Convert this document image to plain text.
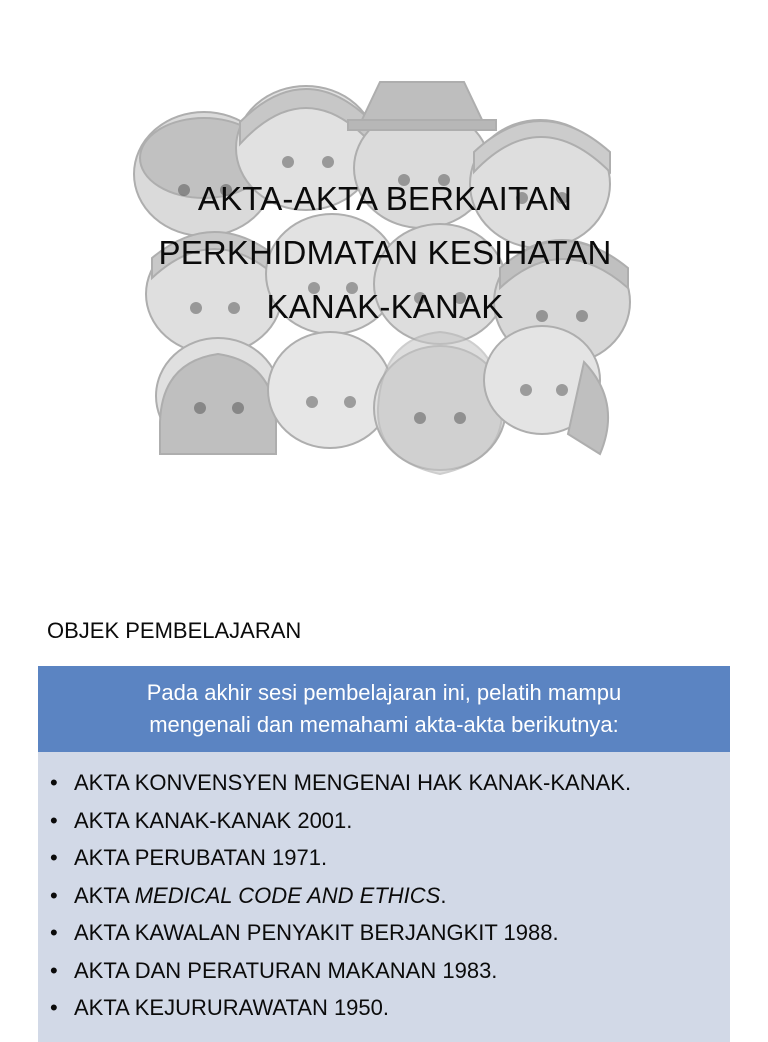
AKTA-AKTA BERKAITAN
PERKHIDMATAN KESIHATAN
KANAK-KANAK
OBJEK PEMBELAJARAN
Pada akhir sesi pembelajaran ini, pelatih mampu
mengenali dan memahami akta-akta berikutnya:
• AKTA KONVENSYEN MENGENAI HAK KANAK-KANAK.
• AKTA KANAK-KANAK 2001.
• AKTA PERUBATAN 1971.
• AKTA MEDICAL CODE AND ETHICS.
• AKTA KAWALAN PENYAKIT BERJANGKIT 1988.
• AKTA DAN PERATURAN MAKANAN 1983.
• AKTA KEJURURAWATAN 1950.
